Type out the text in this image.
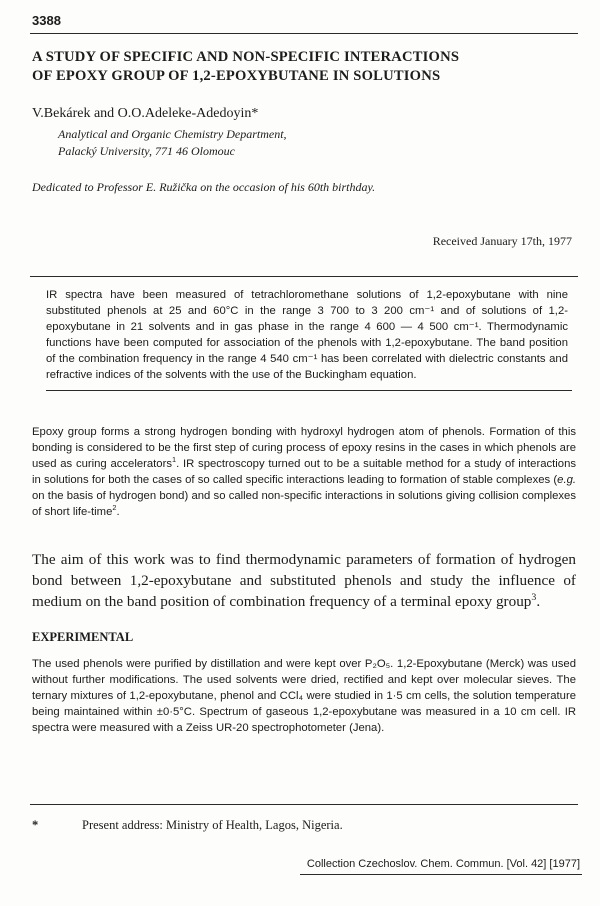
3388
A STUDY OF SPECIFIC AND NON-SPECIFIC INTERACTIONS
OF EPOXY GROUP OF 1,2-EPOXYBUTANE IN SOLUTIONS
V.Bekárek and O.O.Adeleke-Adedoyin*
Analytical and Organic Chemistry Department,
Palacký University, 771 46 Olomouc
Dedicated to Professor E. Ružička on the occasion of his 60th birthday.
Received January 17th, 1977
IR spectra have been measured of tetrachloromethane solutions of 1,2-epoxybutane with nine substituted phenols at 25 and 60°C in the range 3 700 to 3 200 cm⁻¹ and of solutions of 1,2-epoxybutane in 21 solvents and in gas phase in the range 4 600 — 4 500 cm⁻¹. Thermodynamic functions have been computed for association of the phenols with 1,2-epoxybutane. The band position of the combination frequency in the range 4 540 cm⁻¹ has been correlated with dielectric constants and refractive indices of the solvents with the use of the Buckingham equation.

Epoxy group forms a strong hydrogen bonding with hydroxyl hydrogen atom of phenols. Formation of this bonding is considered to be the first step of curing process of epoxy resins in the cases in which phenols are used as curing accelerators$^1$. IR spectroscopy turned out to be a suitable method for a study of interactions in solutions for both the cases of so called specific interactions leading to formation of stable complexes (e.g. on the basis of hydrogen bond) and so called non-specific interactions in solutions giving collision complexes of short life-time$^2$.

The aim of this work was to find thermodynamic parameters of formation of hydrogen bond between 1,2-epoxybutane and substituted phenols and study the influence of medium on the band position of combination frequency of a terminal epoxy group$^3$.

EXPERIMENTAL

The used phenols were purified by distillation and were kept over P₂O₅. 1,2-Epoxybutane (Merck) was used without further modifications. The used solvents were dried, rectified and kept over molecular sieves. The ternary mixtures of 1,2-epoxybutane, phenol and CCl₄ were studied in 1·5 cm cells, the solution temperature being maintained within ±0·5°C. Spectrum of gaseous 1,2-epoxybutane was measured in a 10 cm cell. IR spectra were measured with a Zeiss UR-20 spectrophotometer (Jena).

*	Present address: Ministry of Health, Lagos, Nigeria.
Collection Czechoslov. Chem. Commun. [Vol. 42] [1977]
